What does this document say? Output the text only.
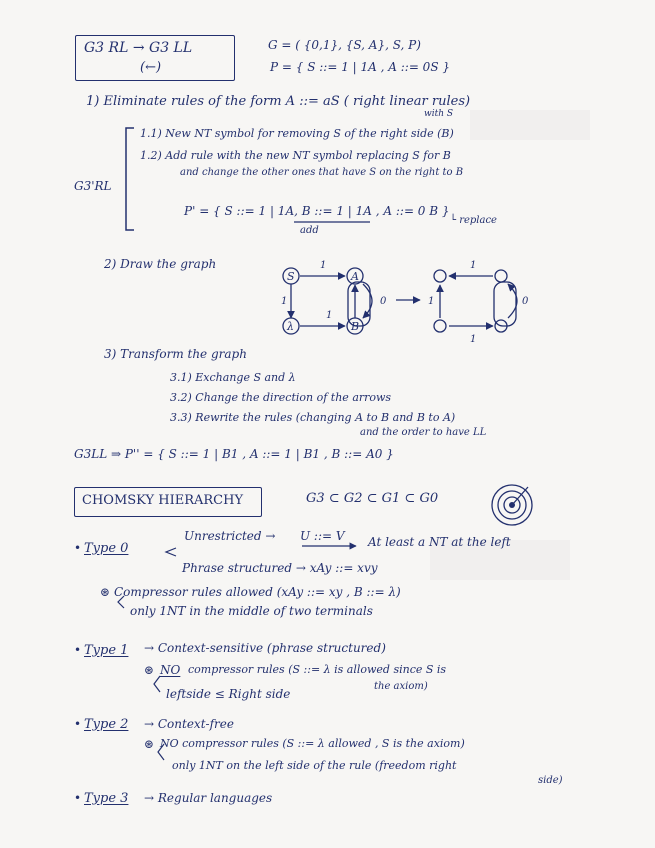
G3 RL → G3 LL
(←)
G = ( {0,1}, {S, A}, S, P)
P = { S ::= 1 | 1A , A ::= 0S }
1) Eliminate rules of the form A ::= aS ( right linear rules)
with S
G3'RL
1.1) New NT symbol for removing S of the right side (B)
1.2) Add rule with the new NT symbol replacing S for B
and change the other ones that have S on the right to B
P' = { S ::= 1 | 1A, B ::= 1 | 1A , A ::= 0 B }
add
└ replace
2) Draw the graph
S	A
λ	B
1
1
1
0
1
1
1
0
3) Transform the graph
3.1) Exchange S and λ
3.2) Change the direction of the arrows
3.3) Rewrite the rules (changing A to B and B to A)
and the order to have LL
G3LL ⇒ P'' = { S ::= 1 | B1 , A ::= 1 | B1 , B ::= A0 }
CHOMSKY HIERARCHY	G3 ⊂ G2 ⊂ G1 ⊂ G0
Type 0
Unrestricted → U ::= V At least a NT at the left
Phrase structured → xAy ::= xvy
Compressor rules allowed (xAy ::= xy , B ::= λ)
only 1NT in the middle of two terminals
Type 1 → Context-sensitive (phrase structured)
NO compressor rules (S ::= λ is allowed since S is
the axiom)
leftside ≤ Right side
Type 2 → Context-free
NO compressor rules (S ::= λ allowed , S is the axiom)
only 1NT on the left side of the rule (freedom right
side)
Type 3 → Regular languages
•
•
•
•
⊛
⊛
⊛
